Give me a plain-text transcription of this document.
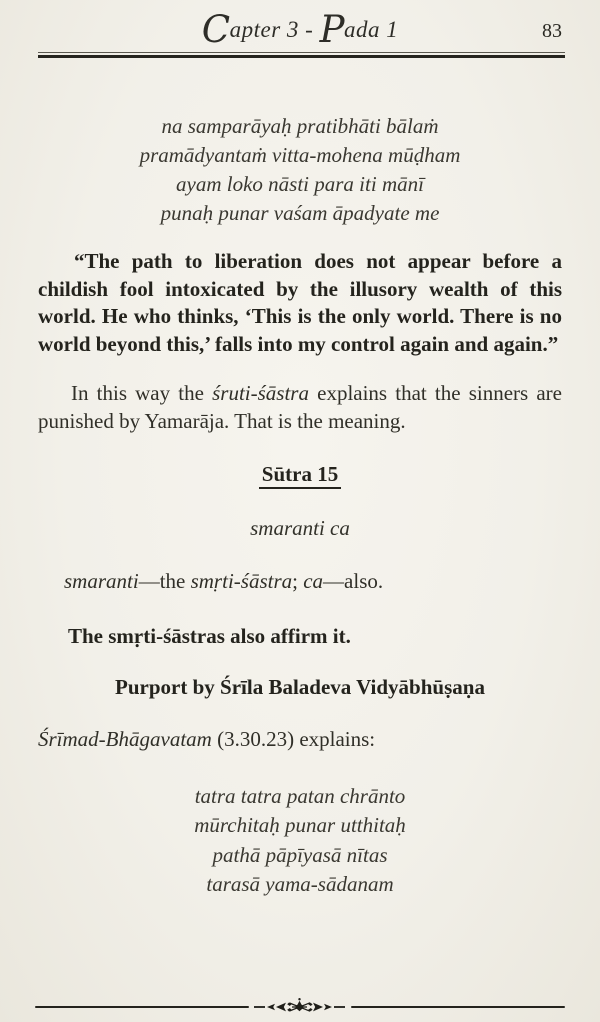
Capter 3 - Pada 1	83
na samparāyaḥ pratibhāti bālaṁ
pramādyantaṁ vitta-mohena mūḍham
ayam loko nāsti para iti mānī
punaḥ punar vaśam āpadyate me

“The path to liberation does not appear before a childish fool intoxicated by the illusory wealth of this world. He who thinks, ‘This is the only world. There is no world beyond this,’ falls into my control again and again.”

In this way the śruti-śāstra explains that the sinners are punished by Yamarāja. That is the meaning.

Sūtra 15
smaranti ca

smaranti—the smṛti-śāstra; ca—also.

The smṛti-śāstras also affirm it.

Purport by Śrīla Baladeva Vidyābhūṣaṇa

Śrīmad-Bhāgavatam (3.30.23) explains:

tatra tatra patan chrānto
mūrchitaḥ punar utthitaḥ
pathā pāpīyasā nītas
tarasā yama-sādanam
